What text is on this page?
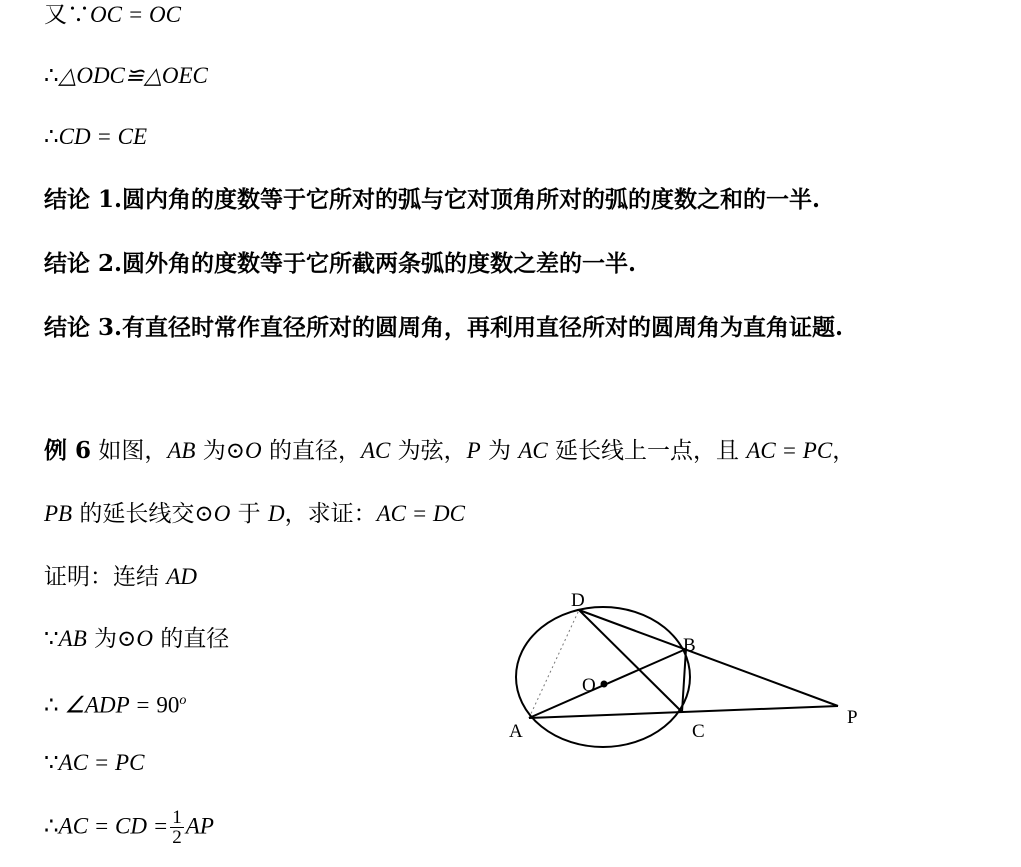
又∵OC = OC
∴△ODC≌△OEC
∴CD = CE
结论 1.圆内角的度数等于它所对的弧与它对顶角所对的弧的度数之和的一半.
结论 2.圆外角的度数等于它所截两条弧的度数之差的一半.
结论 3.有直径时常作直径所对的圆周角，再利用直径所对的圆周角为直角证题.
例 6 如图，AB 为⊙O 的直径，AC 为弦，P 为 AC 延长线上一点，且 AC = PC，
PB 的延长线交⊙O 于 D，求证：AC = DC
证明：连结 AD
∵AB 为⊙O 的直径
∴ ∠ADP = $90^o$
∵AC = PC
∴AC = CD = $\frac{1}{2}$ AP
D
B
O
A	C
P
